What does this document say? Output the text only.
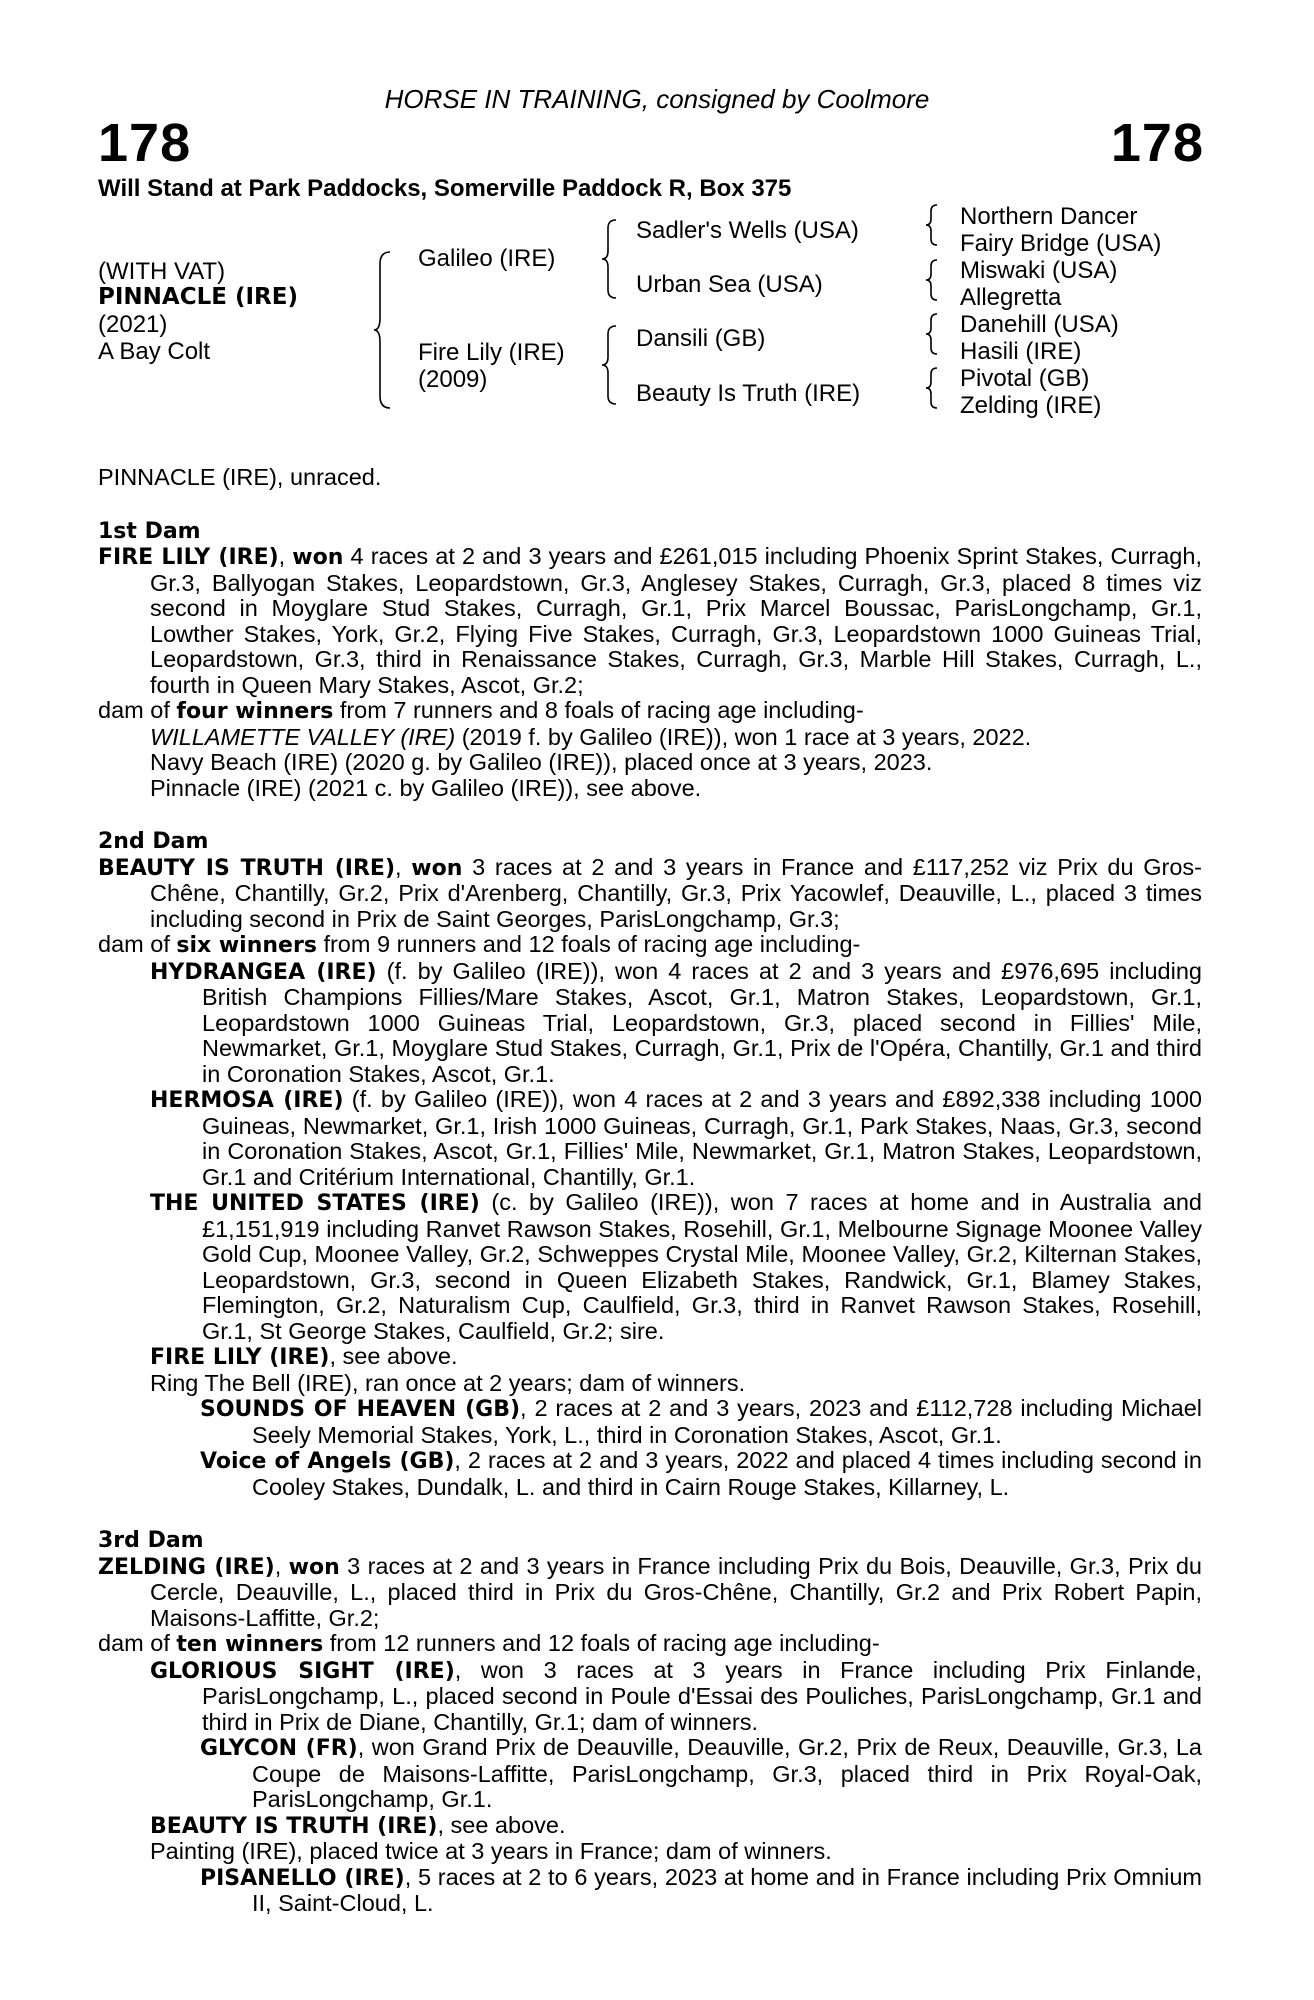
HORSE IN TRAINING, consigned by Coolmore
178	178
Will Stand at Park Paddocks, Somerville Paddock R, Box 375
(WITH VAT)
PINNACLE (IRE)
(2021)
A Bay Colt
Galileo (IRE)
Fire Lily (IRE)
(2009)
Sadler's Wells (USA)
Urban Sea (USA)
Dansili (GB)
Beauty Is Truth (IRE)
Northern Dancer
Fairy Bridge (USA)
Miswaki (USA)
Allegretta
Danehill (USA)
Hasili (IRE)
Pivotal (GB)
Zelding (IRE)

PINNACLE (IRE), unraced.

1st Dam

FIRE LILY (IRE), won 4 races at 2 and 3 years and £261,015 including Phoenix Sprint Stakes, Curragh, Gr.3, Ballyogan Stakes, Leopardstown, Gr.3, Anglesey Stakes, Curragh, Gr.3, placed 8 times viz second in Moyglare Stud Stakes, Curragh, Gr.1, Prix Marcel Boussac, ParisLongchamp, Gr.1, Lowther Stakes, York, Gr.2, Flying Five Stakes, Curragh, Gr.3, Leopardstown 1000 Guineas Trial, Leopardstown, Gr.3, third in Renaissance Stakes, Curragh, Gr.3, Marble Hill Stakes, Curragh, L., fourth in Queen Mary Stakes, Ascot, Gr.2;

dam of four winners from 7 runners and 8 foals of racing age including-

WILLAMETTE VALLEY (IRE) (2019 f. by Galileo (IRE)), won 1 race at 3 years, 2022.

Navy Beach (IRE) (2020 g. by Galileo (IRE)), placed once at 3 years, 2023.

Pinnacle (IRE) (2021 c. by Galileo (IRE)), see above.

2nd Dam

BEAUTY IS TRUTH (IRE), won 3 races at 2 and 3 years in France and £117,252 viz Prix du Gros-Chêne, Chantilly, Gr.2, Prix d'Arenberg, Chantilly, Gr.3, Prix Yacowlef, Deauville, L., placed 3 times including second in Prix de Saint Georges, ParisLongchamp, Gr.3;

dam of six winners from 9 runners and 12 foals of racing age including-

HYDRANGEA (IRE) (f. by Galileo (IRE)), won 4 races at 2 and 3 years and £976,695 including British Champions Fillies/Mare Stakes, Ascot, Gr.1, Matron Stakes, Leopardstown, Gr.1, Leopardstown 1000 Guineas Trial, Leopardstown, Gr.3, placed second in Fillies' Mile, Newmarket, Gr.1, Moyglare Stud Stakes, Curragh, Gr.1, Prix de l'Opéra, Chantilly, Gr.1 and third in Coronation Stakes, Ascot, Gr.1.

HERMOSA (IRE) (f. by Galileo (IRE)), won 4 races at 2 and 3 years and £892,338 including 1000 Guineas, Newmarket, Gr.1, Irish 1000 Guineas, Curragh, Gr.1, Park Stakes, Naas, Gr.3, second in Coronation Stakes, Ascot, Gr.1, Fillies' Mile, Newmarket, Gr.1, Matron Stakes, Leopardstown, Gr.1 and Critérium International, Chantilly, Gr.1.

THE UNITED STATES (IRE) (c. by Galileo (IRE)), won 7 races at home and in Australia and £1,151,919 including Ranvet Rawson Stakes, Rosehill, Gr.1, Melbourne Signage Moonee Valley Gold Cup, Moonee Valley, Gr.2, Schweppes Crystal Mile, Moonee Valley, Gr.2, Kilternan Stakes, Leopardstown, Gr.3, second in Queen Elizabeth Stakes, Randwick, Gr.1, Blamey Stakes, Flemington, Gr.2, Naturalism Cup, Caulfield, Gr.3, third in Ranvet Rawson Stakes, Rosehill, Gr.1, St George Stakes, Caulfield, Gr.2; sire.

FIRE LILY (IRE), see above.

Ring The Bell (IRE), ran once at 2 years; dam of winners.

SOUNDS OF HEAVEN (GB), 2 races at 2 and 3 years, 2023 and £112,728 including Michael Seely Memorial Stakes, York, L., third in Coronation Stakes, Ascot, Gr.1.

Voice of Angels (GB), 2 races at 2 and 3 years, 2022 and placed 4 times including second in Cooley Stakes, Dundalk, L. and third in Cairn Rouge Stakes, Killarney, L.

3rd Dam

ZELDING (IRE), won 3 races at 2 and 3 years in France including Prix du Bois, Deauville, Gr.3, Prix du Cercle, Deauville, L., placed third in Prix du Gros-Chêne, Chantilly, Gr.2 and Prix Robert Papin, Maisons-Laffitte, Gr.2;

dam of ten winners from 12 runners and 12 foals of racing age including-

GLORIOUS SIGHT (IRE), won 3 races at 3 years in France including Prix Finlande, ParisLongchamp, L., placed second in Poule d'Essai des Pouliches, ParisLongchamp, Gr.1 and third in Prix de Diane, Chantilly, Gr.1; dam of winners.

GLYCON (FR), won Grand Prix de Deauville, Deauville, Gr.2, Prix de Reux, Deauville, Gr.3, La Coupe de Maisons-Laffitte, ParisLongchamp, Gr.3, placed third in Prix Royal-Oak, ParisLongchamp, Gr.1.

BEAUTY IS TRUTH (IRE), see above.

Painting (IRE), placed twice at 3 years in France; dam of winners.

PISANELLO (IRE), 5 races at 2 to 6 years, 2023 at home and in France including Prix Omnium II, Saint-Cloud, L.
